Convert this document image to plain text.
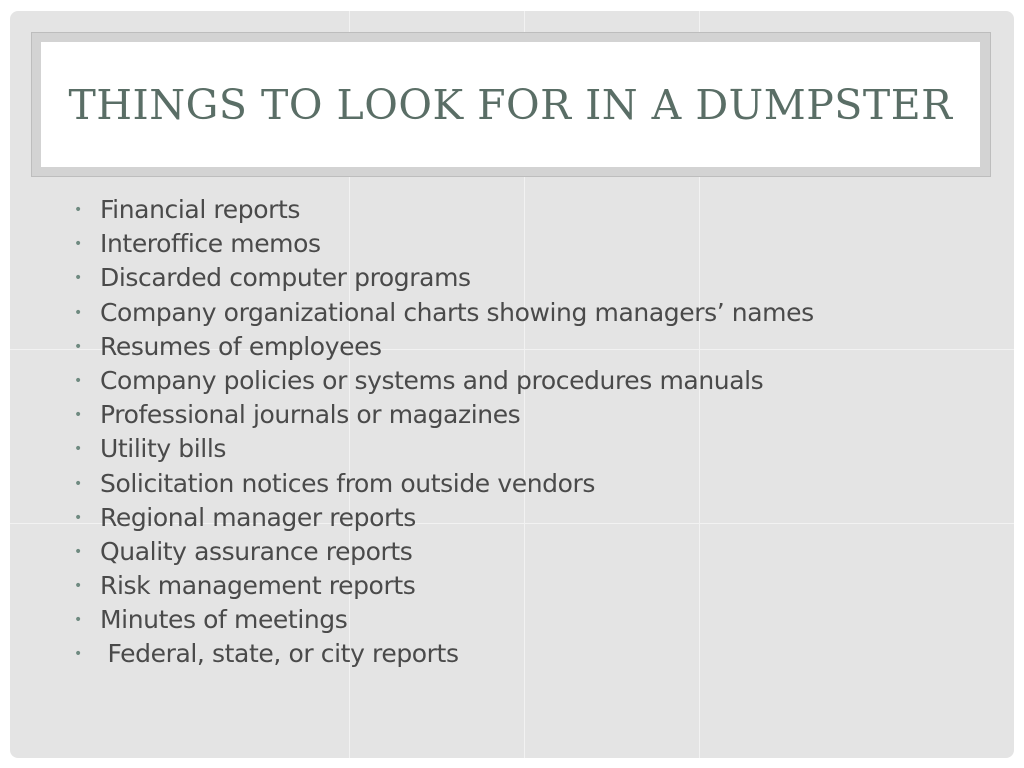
THINGS TO LOOK FOR IN A DUMPSTER
• Financial reports
• Interoffice memos
• Discarded computer programs
• Company organizational charts showing managers’ names
• Resumes of employees
• Company policies or systems and procedures manuals
• Professional journals or magazines
• Utility bills
• Solicitation notices from outside vendors
• Regional manager reports
• Quality assurance reports
• Risk management reports
• Minutes of meetings
• Federal, state, or city reports
